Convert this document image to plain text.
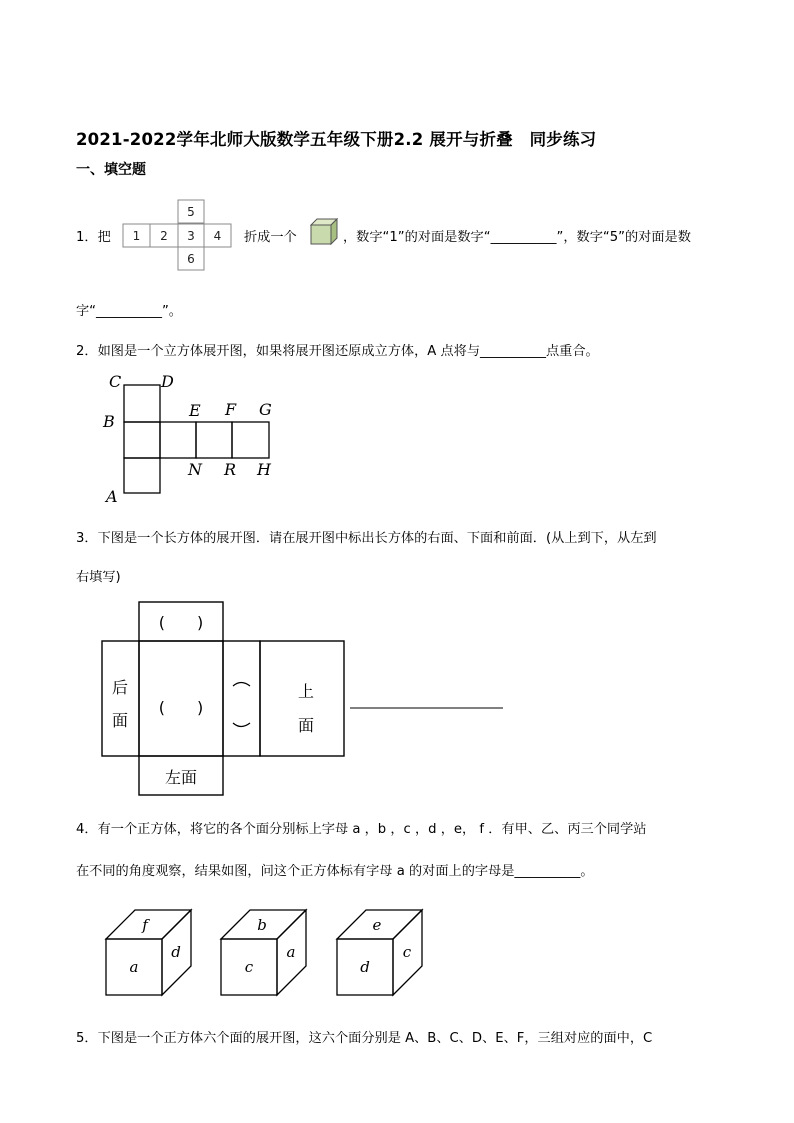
2021-2022学年北师大版数学五年级下册2.2 展开与折叠　同步练习
一、填空题
1．把
5
1 2 3 4
6
折成一个	，数字“1”的对面是数字“__________”，数字“5”的对面是数
字“__________”。
2．如图是一个立方体展开图，如果将展开图还原成立方体，A 点将与__________点重合。
C D
B
E F G
N R H
A
3．下图是一个长方体的展开图．请在展开图中标出长方体的右面、下面和前面．(从上到下，从左到
右填写)
(　　)
后
面
(　　)
上
面
左面
4．有一个正方体，将它的各个面分别标上字母 a ，b ，c ，d ，e， f ．有甲、乙、丙三个同学站
在不同的角度观察，结果如图，问这个正方体标有字母 a 的对面上的字母是__________。
f
a
d
b
c
a
e
d
c
5．下图是一个正方体六个面的展开图，这六个面分别是 A、B、C、D、E、F，三组对应的面中，C
